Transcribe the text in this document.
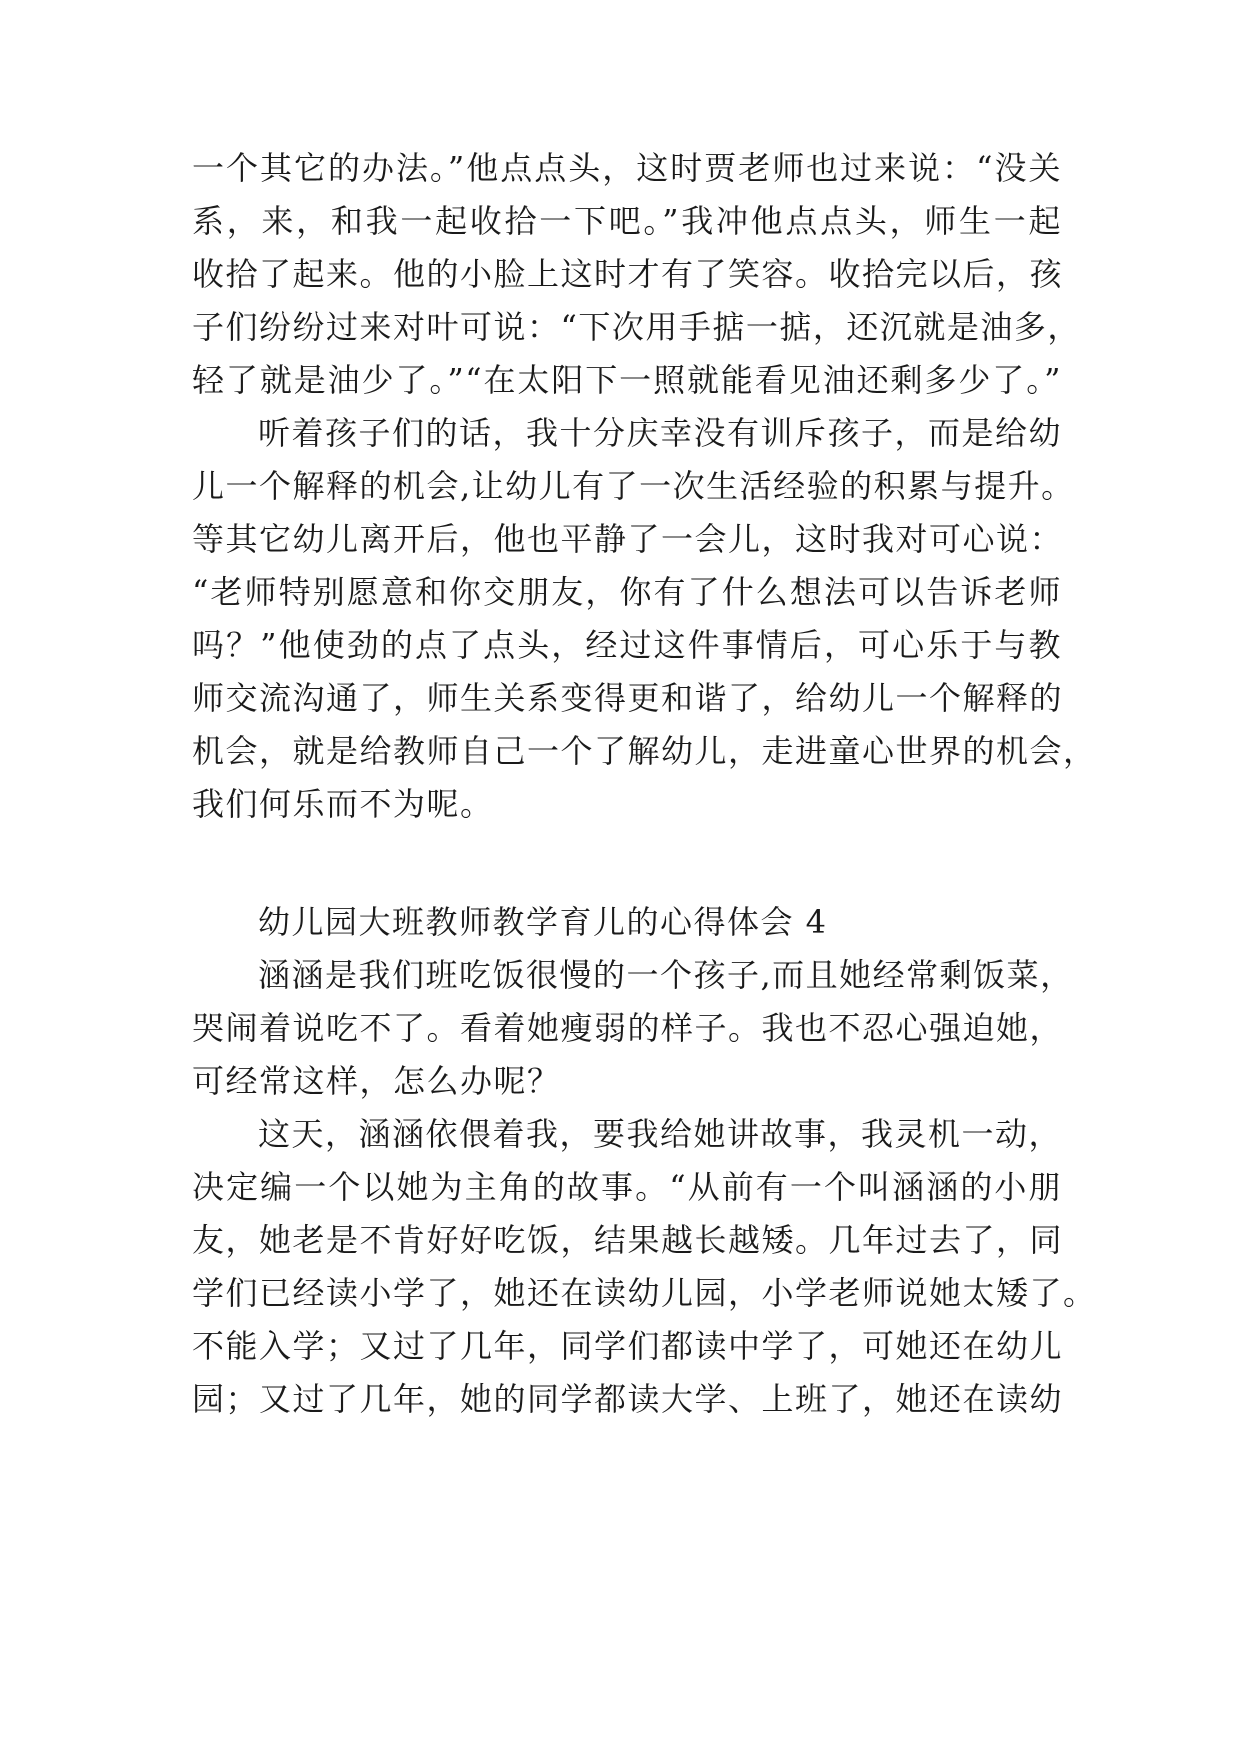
一个其它的办法。”他点点头，这时贾老师也过来说：“没关
系，来，和我一起收拾一下吧。”我冲他点点头，师生一起
收拾了起来。他的小脸上这时才有了笑容。收拾完以后，孩
子们纷纷过来对叶可说：“下次用手掂一掂，还沉就是油多，
轻了就是油少了。”“在太阳下一照就能看见油还剩多少了。”
听着孩子们的话，我十分庆幸没有训斥孩子，而是给幼
儿一个解释的机会,让幼儿有了一次生活经验的积累与提升。
等其它幼儿离开后，他也平静了一会儿，这时我对可心说：
“老师特别愿意和你交朋友，你有了什么想法可以告诉老师
吗？”他使劲的点了点头，经过这件事情后，可心乐于与教
师交流沟通了，师生关系变得更和谐了，给幼儿一个解释的
机会，就是给教师自己一个了解幼儿，走进童心世界的机会，
我们何乐而不为呢。
幼儿园大班教师教学育儿的心得体会 4
涵涵是我们班吃饭很慢的一个孩子,而且她经常剩饭菜，
哭闹着说吃不了。看着她瘦弱的样子。我也不忍心强迫她，
可经常这样，怎么办呢？
这天，涵涵依偎着我，要我给她讲故事，我灵机一动，
决定编一个以她为主角的故事。“从前有一个叫涵涵的小朋
友，她老是不肯好好吃饭，结果越长越矮。几年过去了，同
学们已经读小学了，她还在读幼儿园，小学老师说她太矮了。
不能入学；又过了几年，同学们都读中学了，可她还在幼儿
园；又过了几年，她的同学都读大学、上班了，她还在读幼
